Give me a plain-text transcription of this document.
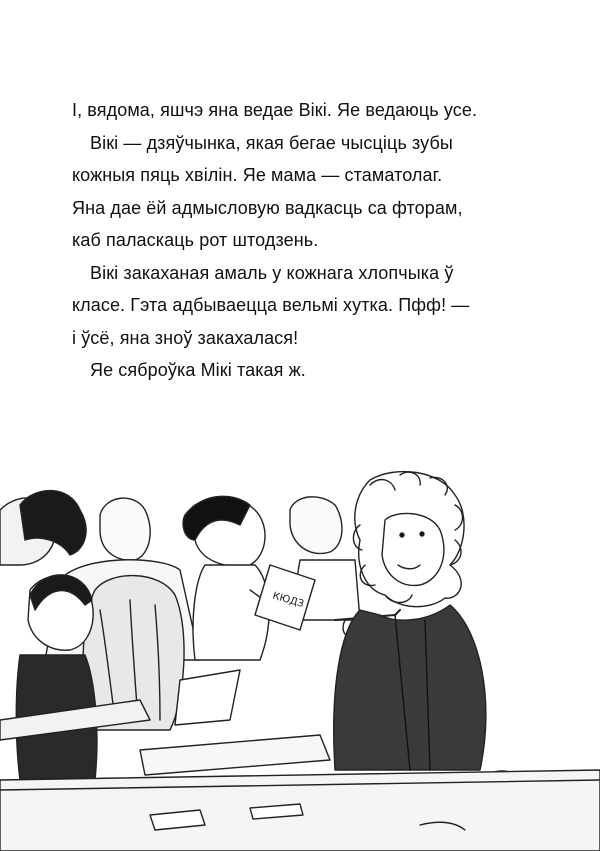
І, вядома, яшчэ яна ведае Вікі. Яе ведаюць усе.

Вікі — дзяўчынка, якая бегае чысціць зубы
кожныя пяць хвілін. Яе мама — стаматолаг.
Яна дае ёй адмысловую вадкасць са фторам,
каб паласкаць рот штодзень.

Вікі закаханая амаль у кожнага хлопчыка ў
класе. Гэта адбываецца вельмі хутка. Пфф! —
і ўсё, яна зноў закахалася!

Яе сяброўка Мікі такая ж.

КЮДЗ
